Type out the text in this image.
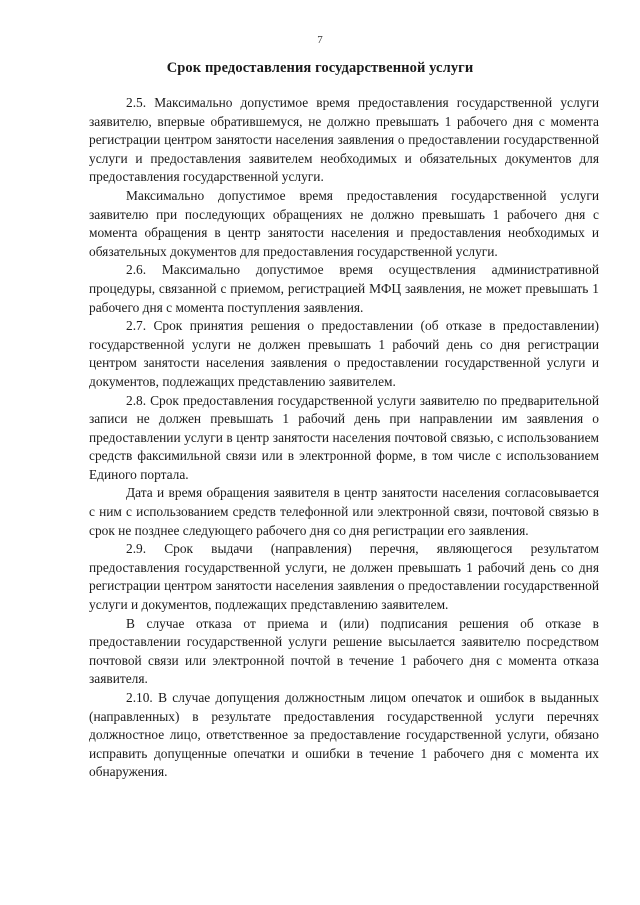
7
Срок предоставления государственной услуги

2.5. Максимально допустимое время предоставления государственной услуги заявителю, впервые обратившемуся, не должно превышать 1 рабочего дня с момента регистрации центром занятости населения заявления о предоставлении государственной услуги и предоставления заявителем необходимых и обязательных документов для предоставления государственной услуги.

Максимально допустимое время предоставления государственной услуги заявителю при последующих обращениях не должно превышать 1 рабочего дня с момента обращения в центр занятости населения и предоставления необходимых и обязательных документов для предоставления государственной услуги.

2.6. Максимально допустимое время осуществления административной процедуры, связанной с приемом, регистрацией МФЦ заявления, не может превышать 1 рабочего дня с момента поступления заявления.

2.7. Срок принятия решения о предоставлении (об отказе в предоставлении) государственной услуги не должен превышать 1 рабочий день со дня регистрации центром занятости населения заявления о предоставлении государственной услуги и документов, подлежащих представлению заявителем.

2.8. Срок предоставления государственной услуги заявителю по предварительной записи не должен превышать 1 рабочий день при направлении им заявления о предоставлении услуги в центр занятости населения почтовой связью, с использованием средств факсимильной связи или в электронной форме, в том числе с использованием Единого портала.

Дата и время обращения заявителя в центр занятости населения согласовывается с ним с использованием средств телефонной или электронной связи, почтовой связью в срок не позднее следующего рабочего дня со дня регистрации его заявления.

2.9. Срок выдачи (направления) перечня, являющегося результатом предоставления государственной услуги, не должен превышать 1 рабочий день со дня регистрации центром занятости населения заявления о предоставлении государственной услуги и документов, подлежащих представлению заявителем.

В случае отказа от приема и (или) подписания решения об отказе в предоставлении государственной услуги решение высылается заявителю посредством почтовой связи или электронной почтой в течение 1 рабочего дня с момента отказа заявителя.

2.10. В случае допущения должностным лицом опечаток и ошибок в выданных (направленных) в результате предоставления государственной услуги перечнях должностное лицо, ответственное за предоставление государственной услуги, обязано исправить допущенные опечатки и ошибки в течение 1 рабочего дня с момента их обнаружения.
